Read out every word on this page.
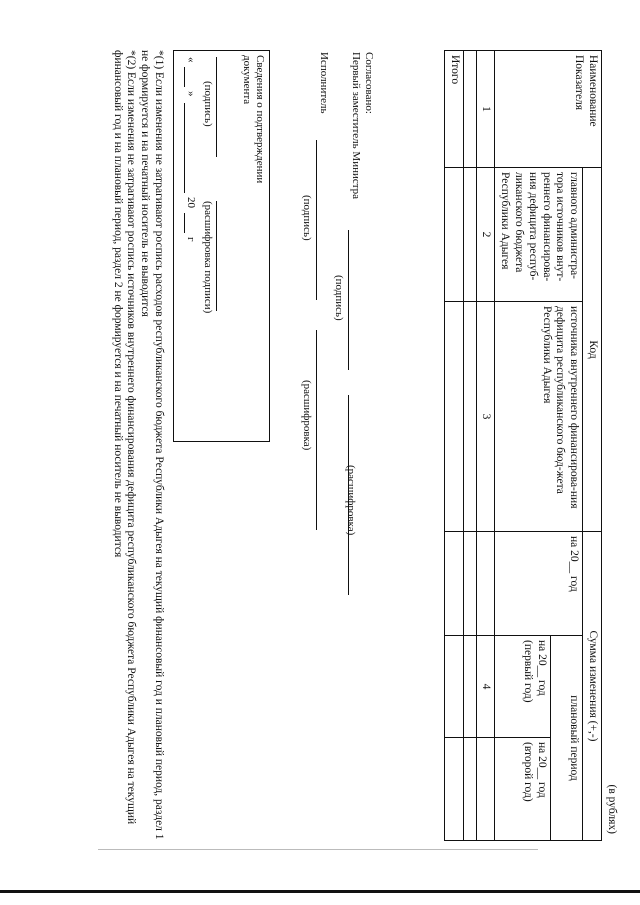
(в рублях)
Наименование Показателя	Код		Сумма изменения (+,-)		
	главного администра-тора источников внут-реннего финансирова-ния дефицита респуб-ликанского бюджета Республики Адыгея	источника внутреннего финансирова-ния дефицита республиканского бюд-жета Республики Адыгея	на 20__ год	плановый период	
				на 20__ год (первый год)	на 20__ год (второй год)
1	2	3		4	

Итого					
Согласовано:
Первый заместитель Министра
(подпись)
(расшифровка)
Исполнитель
(подпись)
(расшифровка)
Сведения о подтверждении документа
(подпись)
(расшифровка подписи)
«
»
20
г
*(1) Если изменения не затрагивают роспись расходов республиканского бюджета Республики Адыгея на текущий финансовый год и плановый период, раздел 1 не формируется и на печатный носитель не выводится
*(2) Если изменения не затрагивают роспись источников внутреннего финансирования дефицита республиканского бюджета Республики Адыгея на текущий финансовый год и на плановый период, раздел 2 не формируется и на печатный носитель не выводится
